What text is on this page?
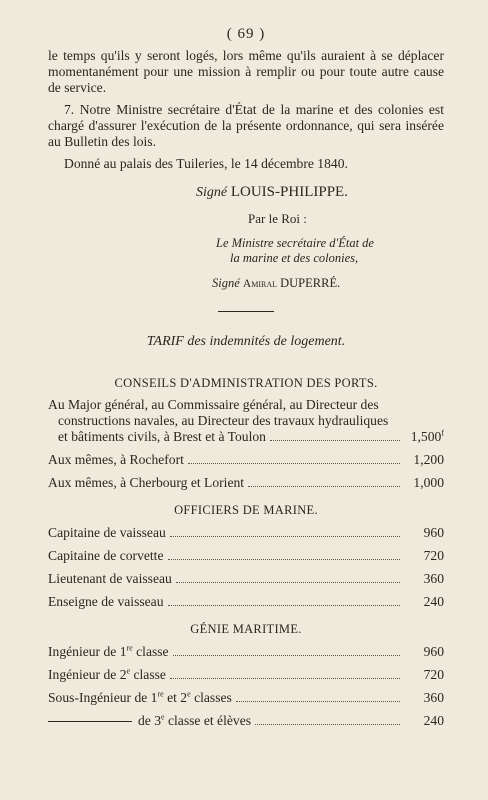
( 69 )

le temps qu'ils y seront logés, lors même qu'ils auraient à se déplacer momentanément pour une mission à remplir ou pour toute autre cause de service.

7. Notre Ministre secrétaire d'État de la marine et des colonies est chargé d'assurer l'exécution de la présente ordonnance, qui sera insérée au Bulletin des lois.

Donné au palais des Tuileries, le 14 décembre 1840.

Signé LOUIS-PHILIPPE.
Par le Roi :
Le Ministre secrétaire d'État de
la marine et des colonies,
Signé Amiral DUPERRÉ.
TARIF des indemnités de logement.
CONSEILS D'ADMINISTRATION DES PORTS.
Au Major général, au Commissaire général, au Directeur des
constructions navales, au Directeur des travaux hydrauliques
et bâtiments civils, à Brest et à Toulon	1,500$^f$
Aux mêmes, à Rochefort	1,200
Aux mêmes, à Cherbourg et Lorient	1,000
OFFICIERS DE MARINE.
Capitaine de vaisseau	960
Capitaine de corvette	720
Lieutenant de vaisseau	360
Enseigne de vaisseau	240
GÉNIE MARITIME.
Ingénieur de 1re classe	960
Ingénieur de 2e classe	720
Sous-Ingénieur de 1re et 2e classes	360
de 3e classe et élèves	240
